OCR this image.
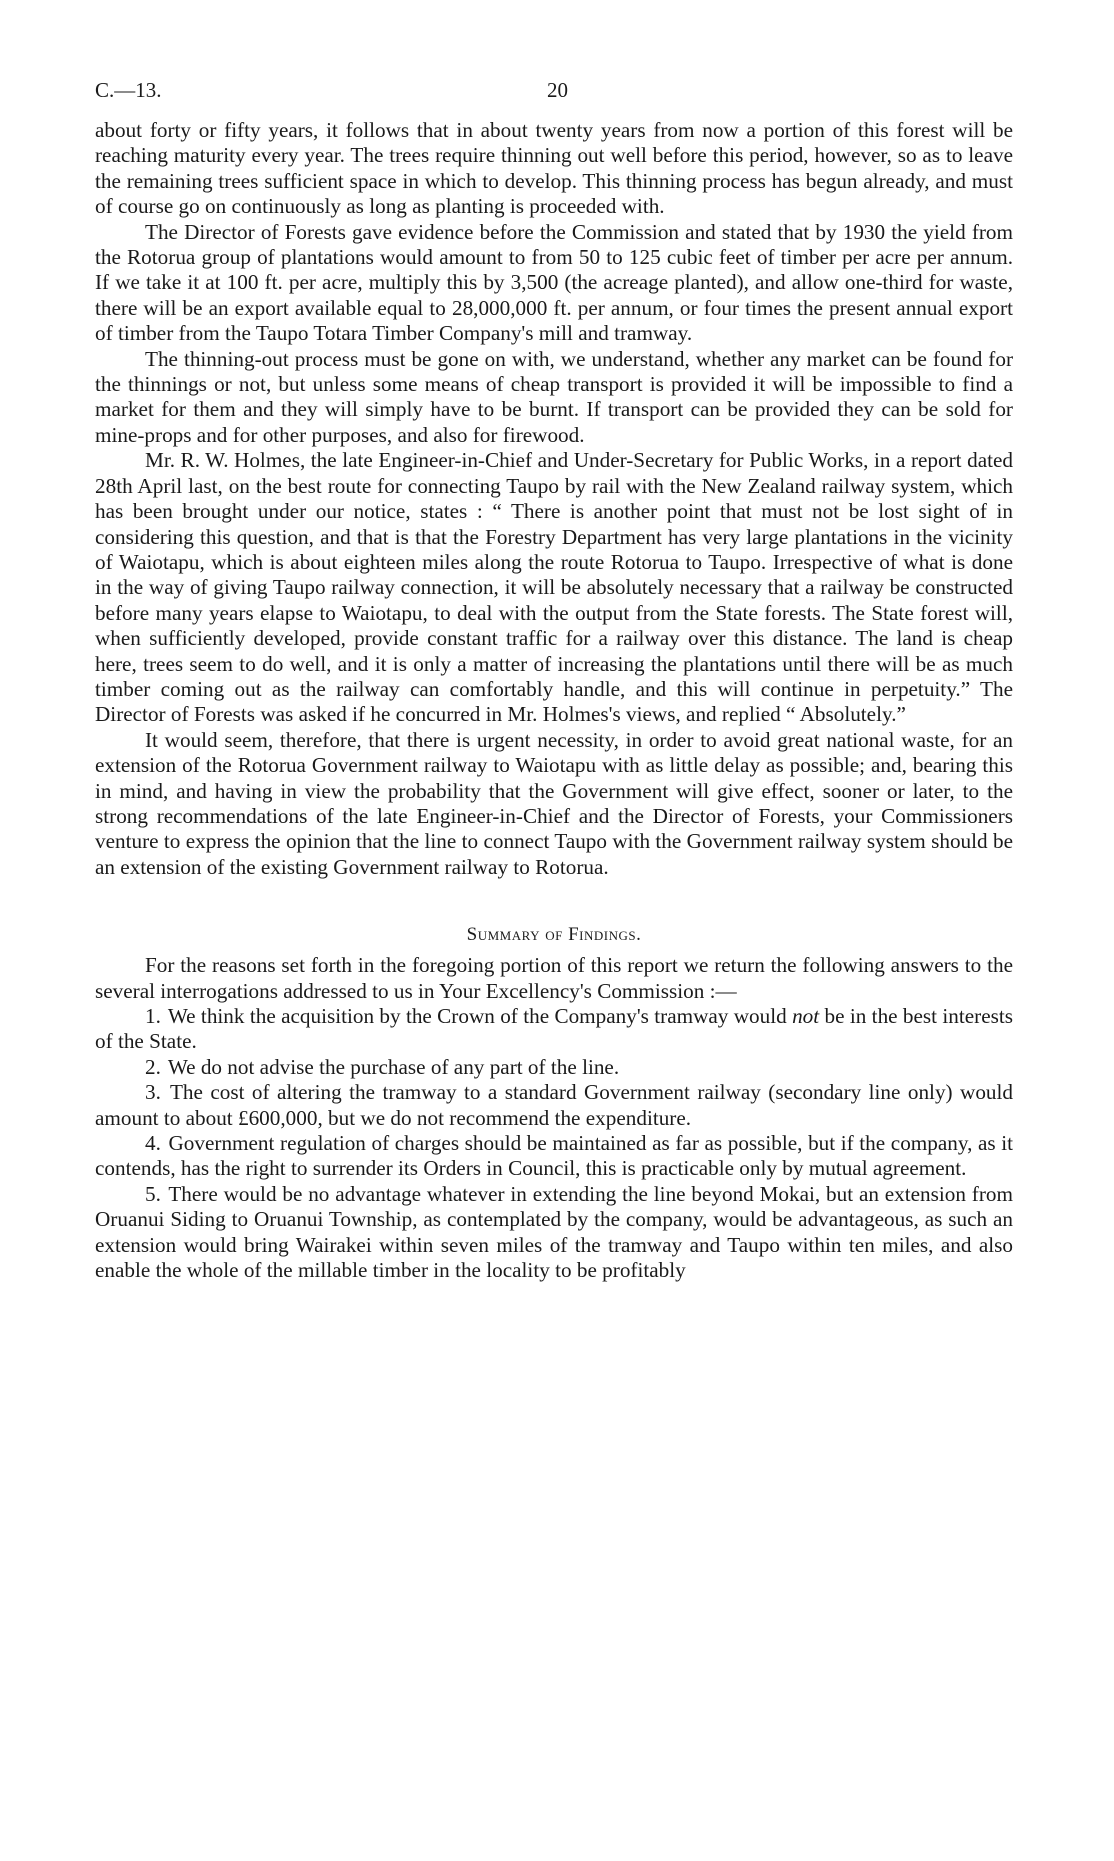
C.—13.	20

about forty or fifty years, it follows that in about twenty years from now a portion of this forest will be reaching maturity every year. The trees require thinning out well before this period, however, so as to leave the remaining trees sufficient space in which to develop. This thinning process has begun already, and must of course go on continuously as long as planting is proceeded with.

The Director of Forests gave evidence before the Commission and stated that by 1930 the yield from the Rotorua group of plantations would amount to from 50 to 125 cubic feet of timber per acre per annum. If we take it at 100 ft. per acre, multiply this by 3,500 (the acreage planted), and allow one-third for waste, there will be an export available equal to 28,000,000 ft. per annum, or four times the present annual export of timber from the Taupo Totara Timber Company's mill and tramway.

The thinning-out process must be gone on with, we understand, whether any market can be found for the thinnings or not, but unless some means of cheap transport is provided it will be impossible to find a market for them and they will simply have to be burnt. If transport can be provided they can be sold for mine-props and for other purposes, and also for firewood.

Mr. R. W. Holmes, the late Engineer-in-Chief and Under-Secretary for Public Works, in a report dated 28th April last, on the best route for connecting Taupo by rail with the New Zealand railway system, which has been brought under our notice, states : “ There is another point that must not be lost sight of in considering this question, and that is that the Forestry Department has very large plantations in the vicinity of Waiotapu, which is about eighteen miles along the route Rotorua to Taupo. Irrespective of what is done in the way of giving Taupo railway connection, it will be absolutely necessary that a railway be constructed before many years elapse to Waiotapu, to deal with the output from the State forests. The State forest will, when sufficiently developed, provide constant traffic for a railway over this distance. The land is cheap here, trees seem to do well, and it is only a matter of increasing the plantations until there will be as much timber coming out as the railway can comfortably handle, and this will continue in perpetuity.” The Director of Forests was asked if he concurred in Mr. Holmes's views, and replied “ Absolutely.”

It would seem, therefore, that there is urgent necessity, in order to avoid great national waste, for an extension of the Rotorua Government railway to Waiotapu with as little delay as possible; and, bearing this in mind, and having in view the probability that the Government will give effect, sooner or later, to the strong recommendations of the late Engineer-in-Chief and the Director of Forests, your Commissioners venture to express the opinion that the line to connect Taupo with the Government railway system should be an extension of the existing Government railway to Rotorua.

Summary of Findings.

For the reasons set forth in the foregoing portion of this report we return the following answers to the several interrogations addressed to us in Your Excellency's Commission :—

1. We think the acquisition by the Crown of the Company's tramway would not be in the best interests of the State.

2. We do not advise the purchase of any part of the line.

3. The cost of altering the tramway to a standard Government railway (secondary line only) would amount to about £600,000, but we do not recommend the expenditure.

4. Government regulation of charges should be maintained as far as possible, but if the company, as it contends, has the right to surrender its Orders in Council, this is practicable only by mutual agreement.

5. There would be no advantage whatever in extending the line beyond Mokai, but an extension from Oruanui Siding to Oruanui Township, as contemplated by the company, would be advantageous, as such an extension would bring Wairakei within seven miles of the tramway and Taupo within ten miles, and also enable the whole of the millable timber in the locality to be profitably
